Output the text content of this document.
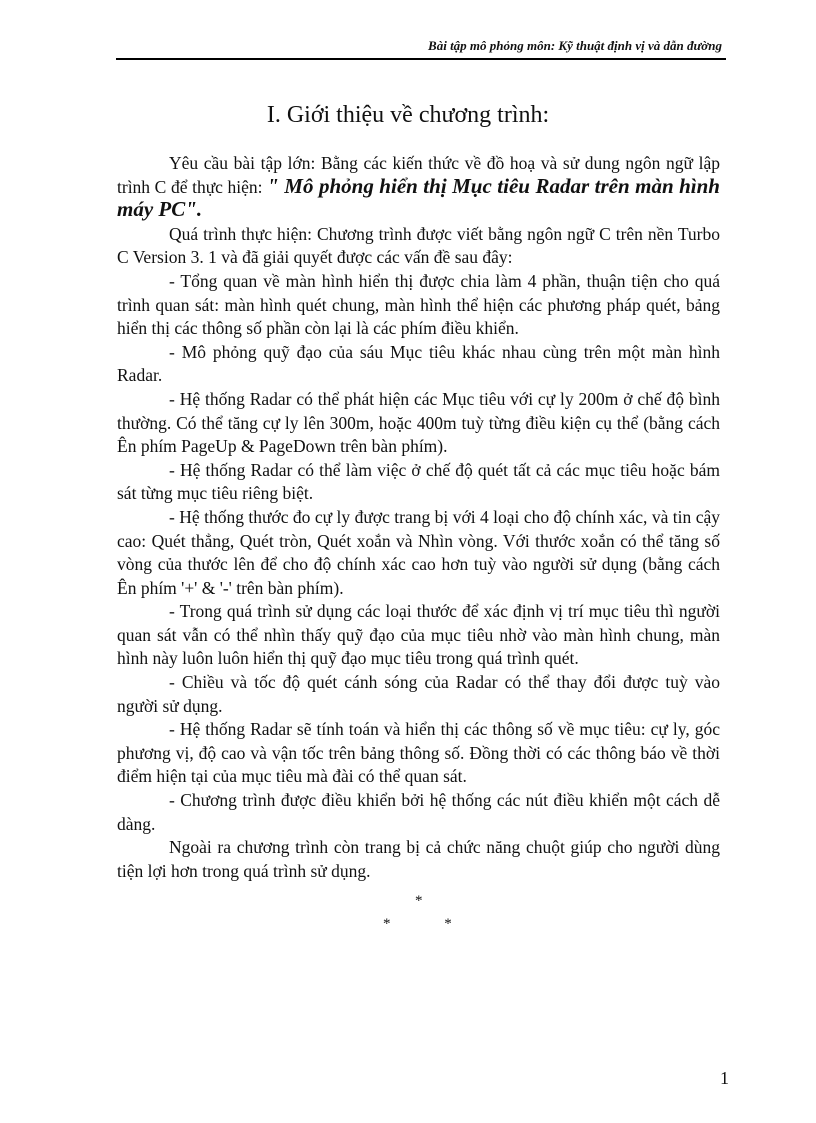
Bài tập mô phỏng môn: Kỹ thuật định vị và dẫn đường
I. Giới thiệu về chương trình:

Yêu cầu bài tập lớn: Bằng các kiến thức về đồ hoạ và sử dung ngôn ngữ lập trình C để thực hiện: " Mô phỏng hiển thị Mục tiêu Radar trên màn hình máy PC".

Quá trình thực hiện: Chương trình được viết bằng ngôn ngữ C trên nền Turbo C Version 3. 1 và đã giải quyết được các vấn đề sau đây:

- Tổng quan về màn hình hiển thị được chia làm 4 phần, thuận tiện cho quá trình quan sát: màn hình quét chung, màn hình thể hiện các phương pháp quét, bảng hiển thị các thông số phần còn lại là các phím điều khiển.

- Mô phỏng quỹ đạo của sáu Mục tiêu khác nhau cùng trên một màn hình Radar.

- Hệ thống Radar có thể phát hiện các Mục tiêu với cự ly 200m ở chế độ bình thường. Có thể tăng cự ly lên 300m, hoặc 400m tuỳ từng điều kiện cụ thể (bằng cách Ên phím PageUp & PageDown trên bàn phím).

- Hệ thống Radar có thể làm việc ở chế độ quét tất cả các mục tiêu hoặc bám sát từng mục tiêu riêng biệt.

- Hệ thống thước đo cự ly được trang bị với 4 loại cho độ chính xác, và tin cậy cao: Quét thẳng, Quét tròn, Quét xoắn và Nhìn vòng. Với thước xoắn có thể tăng số vòng của thước lên để cho độ chính xác cao hơn tuỳ vào người sử dụng (bằng cách Ên phím '+' & '-' trên bàn phím).

- Trong quá trình sử dụng các loại thước để xác định vị trí mục tiêu thì người quan sát vẫn có thể nhìn thấy quỹ đạo của mục tiêu nhờ vào màn hình chung, màn hình này luôn luôn hiển thị quỹ đạo mục tiêu trong quá trình quét.

- Chiều và tốc độ quét cánh sóng của Radar có thể thay đổi được tuỳ vào người sử dụng.

- Hệ thống Radar sẽ tính toán và hiển thị các thông số về mục tiêu: cự ly, góc phương vị, độ cao và vận tốc trên bảng thông số. Đồng thời có các thông báo về thời điểm hiện tại của mục tiêu mà đài có thể quan sát.

- Chương trình được điều khiển bởi hệ thống các nút điều khiển một cách dễ dàng.

Ngoài ra chương trình còn trang bị cả chức năng chuột giúp cho người dùng tiện lợi hơn trong quá trình sử dụng.

*
* *
1
